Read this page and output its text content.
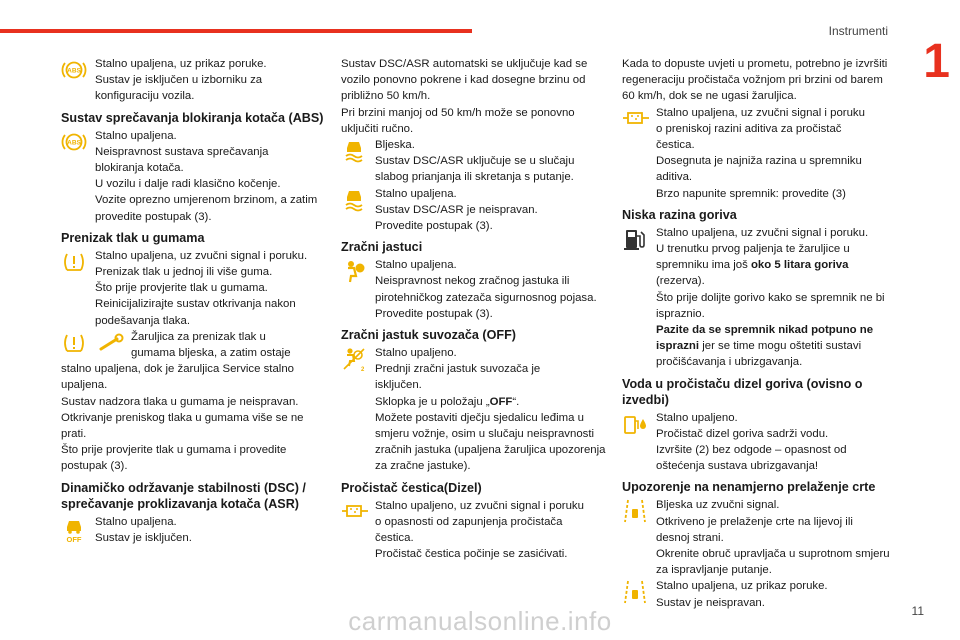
Instrumenti
1
ABS

Stalno upaljena, uz prikaz poruke.

Sustav je isključen u izborniku za

konfiguraciju vozila.

Sustav sprečavanja blokiranja kotača (ABS)
ABS

Stalno upaljena.

Neispravnost sustava sprečavanja

blokiranja kotača.

U vozilu i dalje radi klasično kočenje.

Vozite oprezno umjerenom brzinom, a zatim provedite postupak (3).

Prenizak tlak u gumama

Stalno upaljena, uz zvučni signal i poruku.

Prenizak tlak u jednoj ili više guma.

Što prije provjerite tlak u gumama.

Reinicijalizirajte sustav otkrivanja nakon podešavanja tlaka.

Žaruljica za prenizak tlak u

gumama bljeska, a zatim ostaje

stalno upaljena, dok je žaruljica Service stalno upaljena.

Sustav nadzora tlaka u gumama je neispravan.

Otkrivanje preniskog tlaka u gumama više se ne prati.

Što prije provjerite tlak u gumama i provedite postupak (3).

Dinamičko održavanje stabilnosti (DSC) / sprečavanje proklizavanja kotača (ASR)
OFF

Stalno upaljena.

Sustav je isključen.

Sustav DSC/ASR automatski se uključuje kad se vozilo ponovno pokrene i kad dosegne brzinu od približno 50 km/h.

Pri brzini manjoj od 50 km/h može se ponovno uključiti ručno.

Bljeska.

Sustav DSC/ASR uključuje se u slučaju

slabog prianjanja ili skretanja s putanje.

Stalno upaljena.

Sustav DSC/ASR je neispravan.

Provedite postupak (3).

Zračni jastuci

Stalno upaljena.

Neispravnost nekog zračnog jastuka ili

pirotehničkog zatezača sigurnosnog pojasa.

Provedite postupak (3).

Zračni jastuk suvozača (OFF)
2

Stalno upaljeno.

Prednji zračni jastuk suvozača je

isključen.

Sklopka je u položaju „OFF“.

Možete postaviti dječju sjedalicu leđima u smjeru vožnje, osim u slučaju neispravnosti zračnih jastuka (upaljena žaruljica upozorenja za zračne jastuke).

Pročistač čestica(Dizel)

Stalno upaljeno, uz zvučni signal i poruku

o opasnosti od zapunjenja pročistača

čestica.

Pročistač čestica počinje se zasićivati.

Kada to dopuste uvjeti u prometu, potrebno je izvršiti regeneraciju pročistača vožnjom pri brzini od barem 60 km/h, dok se ne ugasi žaruljica.

Stalno upaljena, uz zvučni signal i poruku

o preniskoj razini aditiva za pročistač

čestica.

Dosegnuta je najniža razina u spremniku aditiva.

Brzo napunite spremnik: provedite (3)

Niska razina goriva

Stalno upaljena, uz zvučni signal i poruku.

U trenutku prvog paljenja te žaruljice u

spremniku ima još oko 5 litara goriva (rezerva).

Što prije dolijte gorivo kako se spremnik ne bi ispraznio.

Pazite da se spremnik nikad potpuno ne isprazni jer se time mogu oštetiti sustavi pročišćavanja i ubrizgavanja.

Voda u pročistaču dizel goriva (ovisno o izvedbi)

Stalno upaljeno.

Pročistač dizel goriva sadrži vodu.

Izvršite (2) bez odgode – opasnost od oštećenja sustava ubrizgavanja!

Upozorenje na nenamjerno prelaženje crte

Bljeska uz zvučni signal.

Otkriveno je prelaženje crte na lijevoj ili

desnoj strani.

Okrenite obruč upravljača u suprotnom smjeru za ispravljanje putanje.

Stalno upaljena, uz prikaz poruke.

Sustav je neispravan.

carmanualsonline.info	11
